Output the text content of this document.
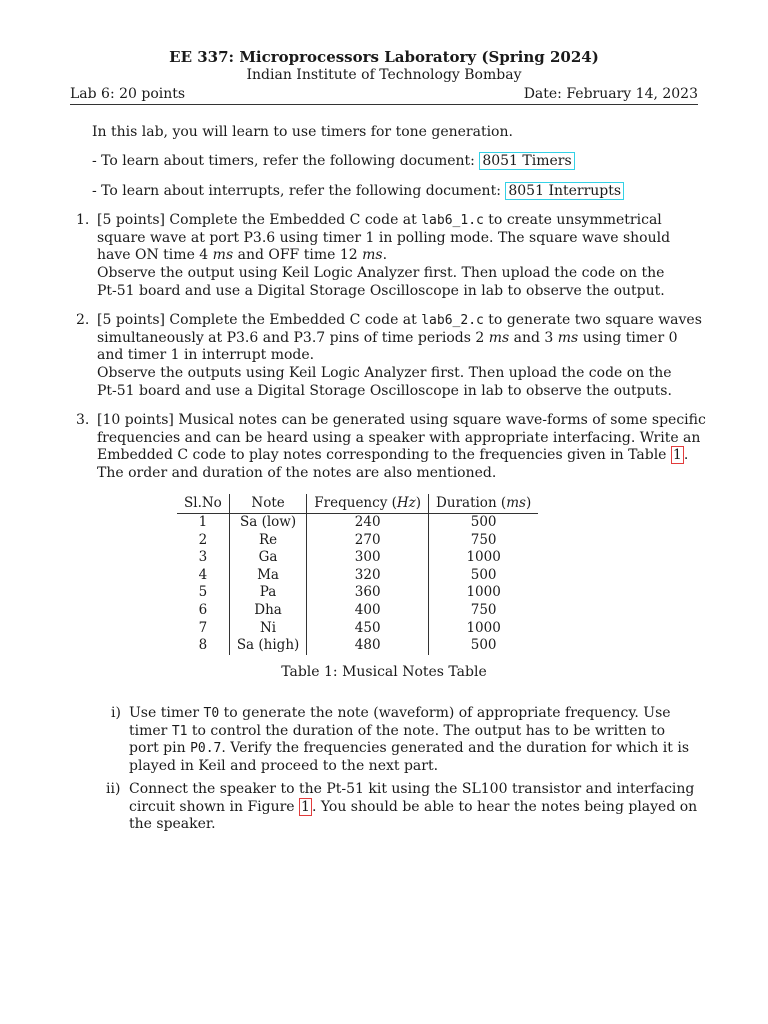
EE 337: Microprocessors Laboratory (Spring 2024)
Indian Institute of Technology Bombay
Lab 6: 20 points	Date: February 14, 2023
In this lab, you will learn to use timers for tone generation.
- To learn about timers, refer the following document: 8051 Timers
- To learn about interrupts, refer the following document: 8051 Interrupts
1. [5 points] Complete the Embedded C code at lab6_1.c to create unsymmetrical
square wave at port P3.6 using timer 1 in polling mode. The square wave should
have ON time 4 ms and OFF time 12 ms.
Observe the output using Keil Logic Analyzer first. Then upload the code on the
Pt-51 board and use a Digital Storage Oscilloscope in lab to observe the output.
2. [5 points] Complete the Embedded C code at lab6_2.c to generate two square waves
simultaneously at P3.6 and P3.7 pins of time periods 2 ms and 3 ms using timer 0
and timer 1 in interrupt mode.
Observe the outputs using Keil Logic Analyzer first. Then upload the code on the
Pt-51 board and use a Digital Storage Oscilloscope in lab to observe the outputs.
3. [10 points] Musical notes can be generated using square wave-forms of some specific
frequencies and can be heard using a speaker with appropriate interfacing. Write an
Embedded C code to play notes corresponding to the frequencies given in Table 1 .
The order and duration of the notes are also mentioned.
Sl.No	Note	Frequency (Hz)	Duration (ms)
1	Sa (low)	240	500
2	Re	270	750
3	Ga	300	1000
4	Ma	320	500
5	Pa	360	1000
6	Dha	400	750
7	Ni	450	1000
8	Sa (high)	480	500
Table 1: Musical Notes Table
i) Use timer T0 to generate the note (waveform) of appropriate frequency. Use
timer T1 to control the duration of the note. The output has to be written to
port pin P0.7. Verify the frequencies generated and the duration for which it is
played in Keil and proceed to the next part.
ii) Connect the speaker to the Pt-51 kit using the SL100 transistor and interfacing
circuit shown in Figure 1 . You should be able to hear the notes being played on
the speaker.
